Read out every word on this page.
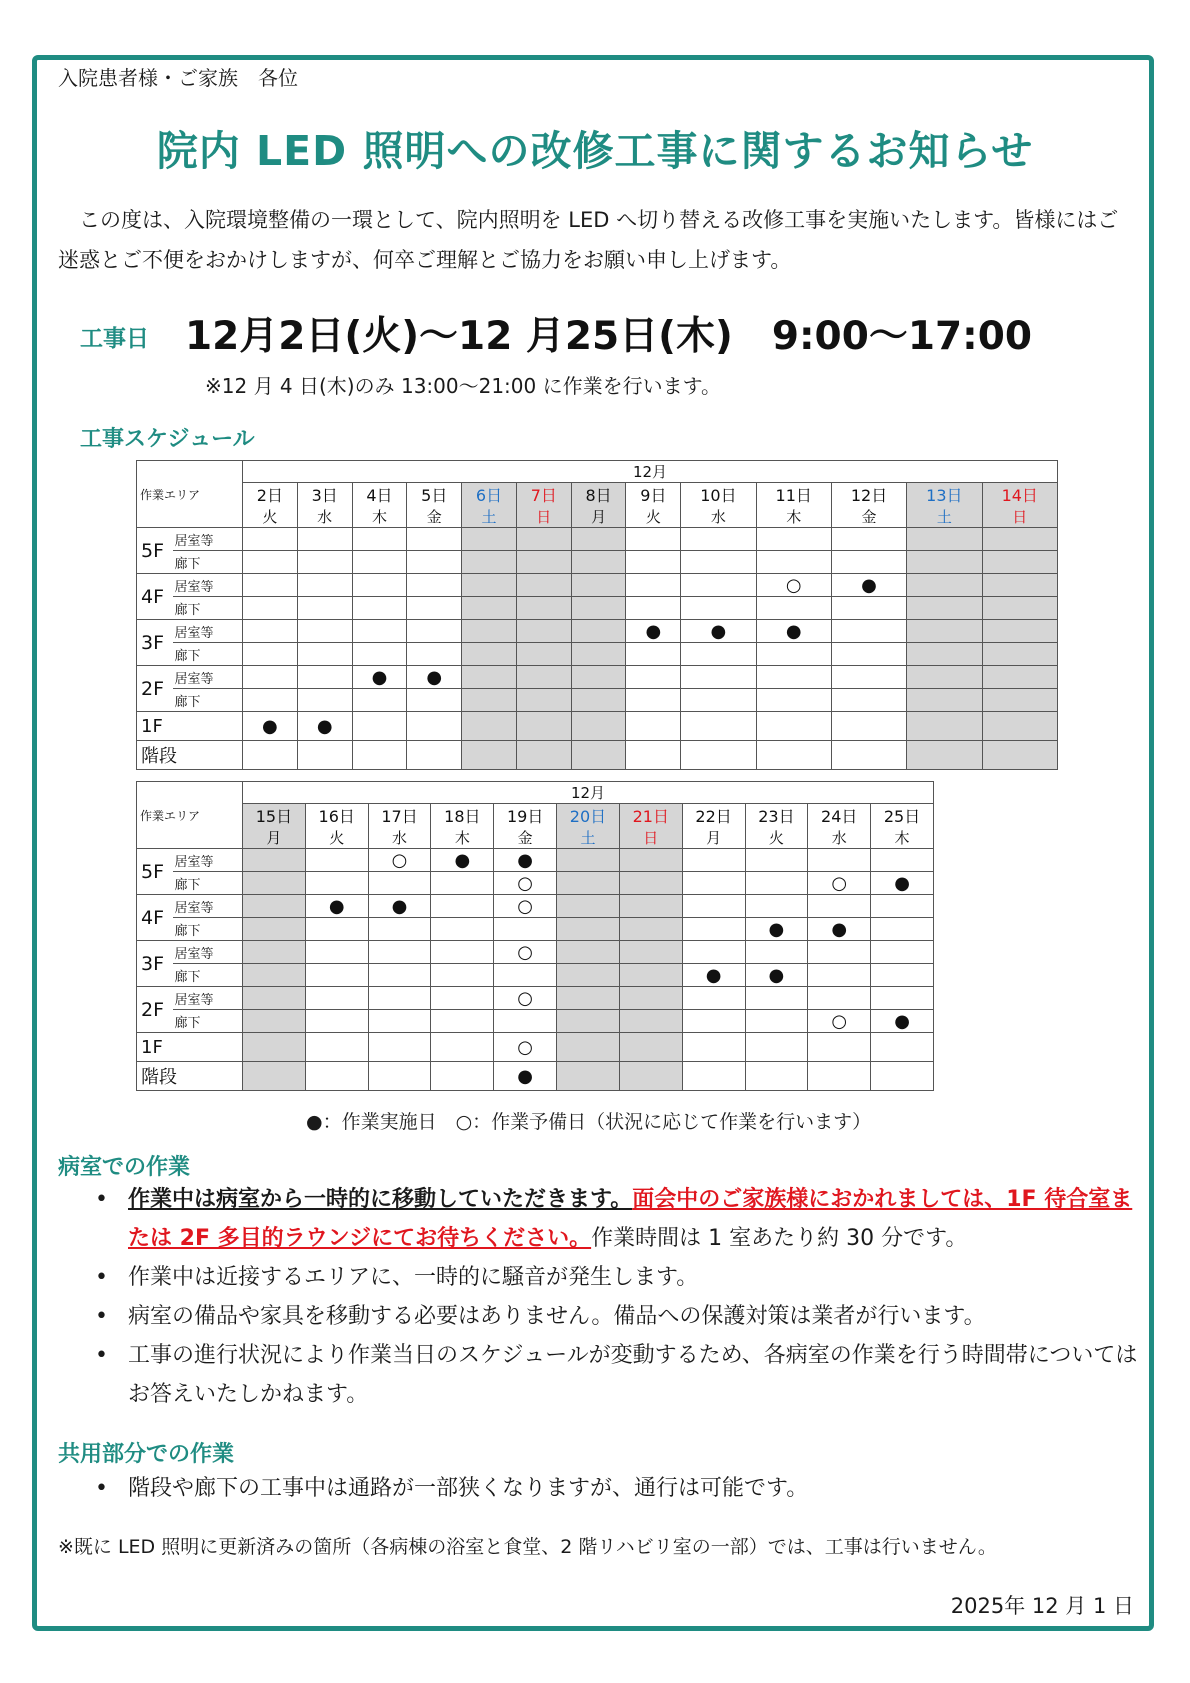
入院患者様・ご家族　各位
院内 LED 照明への改修工事に関するお知らせ
この度は、入院環境整備の一環として、院内照明を LED へ切り替える改修工事を実施いたします。皆様にはご迷惑とご不便をおかけしますが、何卒ご理解とご協力をお願い申し上げます。
工事日 12月2日(火)～12 月25日(木)　9:00～17:00
※12 月 4 日(木)のみ 13:00～21:00 に作業を行います。
工事スケジュール
作業エリア		12月												
		2日	3日	4日	5日	6日	7日	8日	9日	10日	11日	12日	13日	14日
		火	水	木	金	土	日	月	火	水	木	金	土	日
5F	居室等													
	廊下													
4F	居室等										○	●		
	廊下													
3F	居室等								●	●	●			
	廊下													
2F	居室等			●	●									
	廊下													
1F		●	●											
階段														
作業エリア		12月										
		15日	16日	17日	18日	19日	20日	21日	22日	23日	24日	25日
		月	火	水	木	金	土	日	月	火	水	木
5F	居室等			○	●	●						
	廊下					○					○	●
4F	居室等		●	●		○						
	廊下									●	●	
3F	居室等					○						
	廊下								●	●		
2F	居室等					○						
	廊下										○	●
1F						○						
階段						●						
●：作業実施日　○：作業予備日（状況に応じて作業を行います）
病室での作業
• 作業中は病室から一時的に移動していただきます。面会中のご家族様におかれましては、1F 待合室または 2F 多目的ラウンジにてお待ちください。作業時間は 1 室あたり約 30 分です。
• 作業中は近接するエリアに、一時的に騒音が発生します。
• 病室の備品や家具を移動する必要はありません。備品への保護対策は業者が行います。
• 工事の進行状況により作業当日のスケジュールが変動するため、各病室の作業を行う時間帯についてはお答えいたしかねます。
共用部分での作業
• 階段や廊下の工事中は通路が一部狭くなりますが、通行は可能です。
※既に LED 照明に更新済みの箇所（各病棟の浴室と食堂、2 階リハビリ室の一部）では、工事は行いません。
2025年 12 月 1 日
